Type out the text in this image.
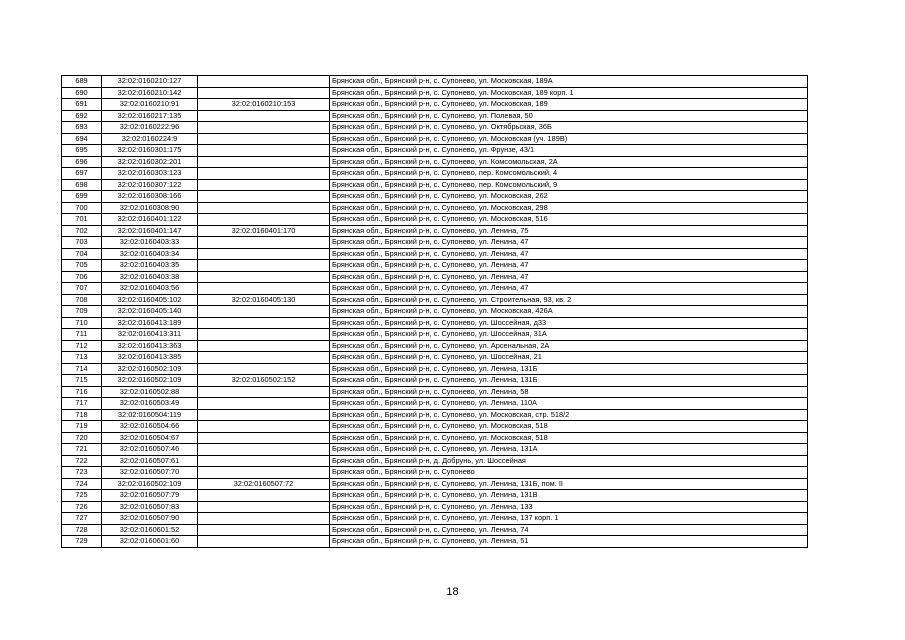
689	32:02:0160210:127		Брянская обл., Брянский р-н, с. Супонево, ул. Московская, 189А
690	32:02:0160210:142		Брянская обл., Брянский р-н, с. Супонево, ул. Московская, 189 корп. 1
691	32:02:0160210:91	32:02:0160210:153	Брянская обл., Брянский р-н, с. Супонево, ул. Московская, 189
692	32:02:0160217:135		Брянская обл., Брянский р-н, с. Супонево, ул. Полевая, 50
693	32:02:0160222:96		Брянская обл., Брянский р-н, с. Супонево, ул. Октябрьская, 36Б
694	32:02:0160224:9		Брянская обл., Брянский р-н, с. Супонево, ул. Московская (уч. 189В)
695	32:02:0160301:175		Брянская обл., Брянский р-н, с. Супонево, ул. Фрунзе, 43/1
696	32:02:0160302:201		Брянская обл., Брянский р-н, с. Супонево, ул. Комсомольская, 2А
697	32:02:0160303:123		Брянская обл., Брянский р-н, с. Супонево, пер. Комсомольский, 4
698	32:02:0160307:122		Брянская обл., Брянский р-н, с. Супонево, пер. Комсомольский, 9
699	32:02:0160308:166		Брянская обл., Брянский р-н, с. Супонево, ул. Московская, 262
700	32:02:0160308:90		Брянская обл., Брянский р-н, с. Супонево, ул. Московская, 298
701	32:02:0160401:122		Брянская обл., Брянский р-н, с. Супонево, ул. Московская, 516
702	32:02:0160401:147	32:02:0160401:170	Брянская обл., Брянский р-н, с. Супонево, ул. Ленина, 75
703	32:02:0160403:33		Брянская обл., Брянский р-н, с. Супонево, ул. Ленина, 47
704	32:02:0160403:34		Брянская обл., Брянский р-н, с. Супонево, ул. Ленина, 47
705	32:02:0160403:35		Брянская обл., Брянский р-н, с. Супонево, ул. Ленина, 47
706	32:02:0160403:38		Брянская обл., Брянский р-н, с. Супонево, ул. Ленина, 47
707	32:02:0160403:56		Брянская обл., Брянский р-н, с. Супонево, ул. Ленина, 47
708	32:02:0160405:102	32:02:0160405:130	Брянская обл., Брянский р-н, с. Супонево, ул. Строительная, 93, кв. 2
709	32:02:0160405:140		Брянская обл., Брянский р-н, с. Супонево, ул. Московская, 426А
710	32:02:0160413:189		Брянская обл., Брянский р-н, с. Супонево, ул. Шоссейная, д33
711	32:02:0160413:311		Брянская обл., Брянский р-н, с. Супонево, ул. Шоссейная, 31А
712	32:02:0160413:363		Брянская обл., Брянский р-н, с. Супонево, ул. Арсенальная, 2А
713	32:02:0160413:385		Брянская обл., Брянский р-н, с. Супонево, ул. Шоссейная, 21
714	32:02:0160502:109		Брянская обл., Брянский р-н, с. Супонево, ул. Ленина, 131Б
715	32:02:0160502:109	32:02:0160502:152	Брянская обл., Брянский р-н, с. Супонево, ул. Ленина, 131Б
716	32:02:0160502:88		Брянская обл., Брянский р-н, с. Супонево, ул. Ленина, 58
717	32:02:0160503:49		Брянская обл., Брянский р-н, с. Супонево, ул. Ленина, 110А
718	32:02:0160504:119		Брянская обл., Брянский р-н, с. Супонево, ул. Московская, стр. 518/2
719	32:02:0160504:66		Брянская обл., Брянский р-н, с. Супонево, ул. Московская, 518
720	32:02:0160504:67		Брянская обл., Брянский р-н, с. Супонево, ул. Московская, 518
721	32:02:0160507:46		Брянская обл., Брянский р-н, с. Супонево, ул. Ленина, 131А
722	32:02:0160507:61		Брянская обл., Брянский р-н, д. Добрунь, ул. Шоссейная
723	32:02:0160507:70		Брянская обл., Брянский р-н, с. Супонево
724	32:02:0160502:109	32:02:0160507:72	Брянская обл., Брянский р-н, с. Супонево, ул. Ленина, 131Б, пом. II
725	32:02:0160507:79		Брянская обл., Брянский р-н, с. Супонево, ул. Ленина, 131В
726	32:02:0160507:83		Брянская обл., Брянский р-н, с. Супонево, ул. Ленина, 133
727	32:02:0160507:90		Брянская обл., Брянский р-н, с. Супонево, ул. Ленина, 137 корп. 1
728	32:02:0160601:52		Брянская обл., Брянский р-н, с. Супонево, ул. Ленина, 74
729	32:02:0160601:60		Брянская обл., Брянский р-н, с. Супонево, ул. Ленина, 51
18
